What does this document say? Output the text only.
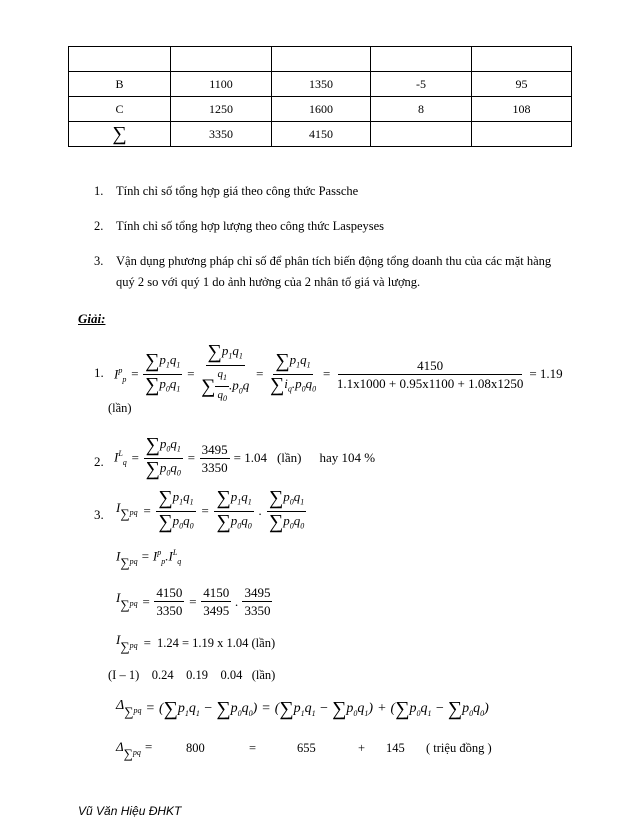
B	1100	1350	-5	95
C	1250	1600	8	108
∑	3350	4150		
1. Tính chỉ số tổng hợp giá theo công thức Passche
2. Tính chỉ số tổng hợp lượng theo công thức Laspeyses
3. Vận dụng phương pháp chỉ số để phân tích biến động tổng doanh thu của các mặt hàng
quý 2 so với quý 1 do ảnh hưởng của 2 nhân tố giá và lượng.
Giải:
1. $I^p_p = \frac{\sum p_1q_1}{\sum p_0q_1} = \frac{\sum p_1q_1}{\sum \frac{q_1}{q_0} .p_0q} = \frac{\sum p_1q_1}{\sum i_q.p_0q_0} = \frac{4150}{1.1x1000 + 0.95x1100 + 1.08x1250} = 1.19$
(lần)
2. $I^L_q = \frac{\sum p_0q_1}{\sum p_0q_0} = \frac{3495}{3350} = 1.04$ (lần) hay 104 %
3. $I_{\sum pq} = \frac{\sum p_1q_1}{\sum p_0q_0} = \frac{\sum p_1q_1}{\sum p_0q_0}$ . $\frac{\sum p_0q_1}{\sum p_0q_0}$
$I_{\sum pq} = I^p_p.I^L_q$
$I_{\sum pq} = \frac{4150}{3350} = \frac{4150}{3495}$ . $\frac{3495}{3350}$
$I_{\sum pq} = 1.24 = 1.19$ x 1.04 (lần)
(I – 1)    0.24    0.19    0.04   (lần)
$\Delta_{\sum pq} = (\sum p_1q_1 - \sum p_0q_0) = (\sum p_1q_1 - \sum p_0q_1) + (\sum p_0q_1 - \sum p_0q_0)$
$\Delta_{\sum pq}$ =	800	=	655	+ 145 ( triệu đồng )
Vũ Văn Hiệu ĐHKT
